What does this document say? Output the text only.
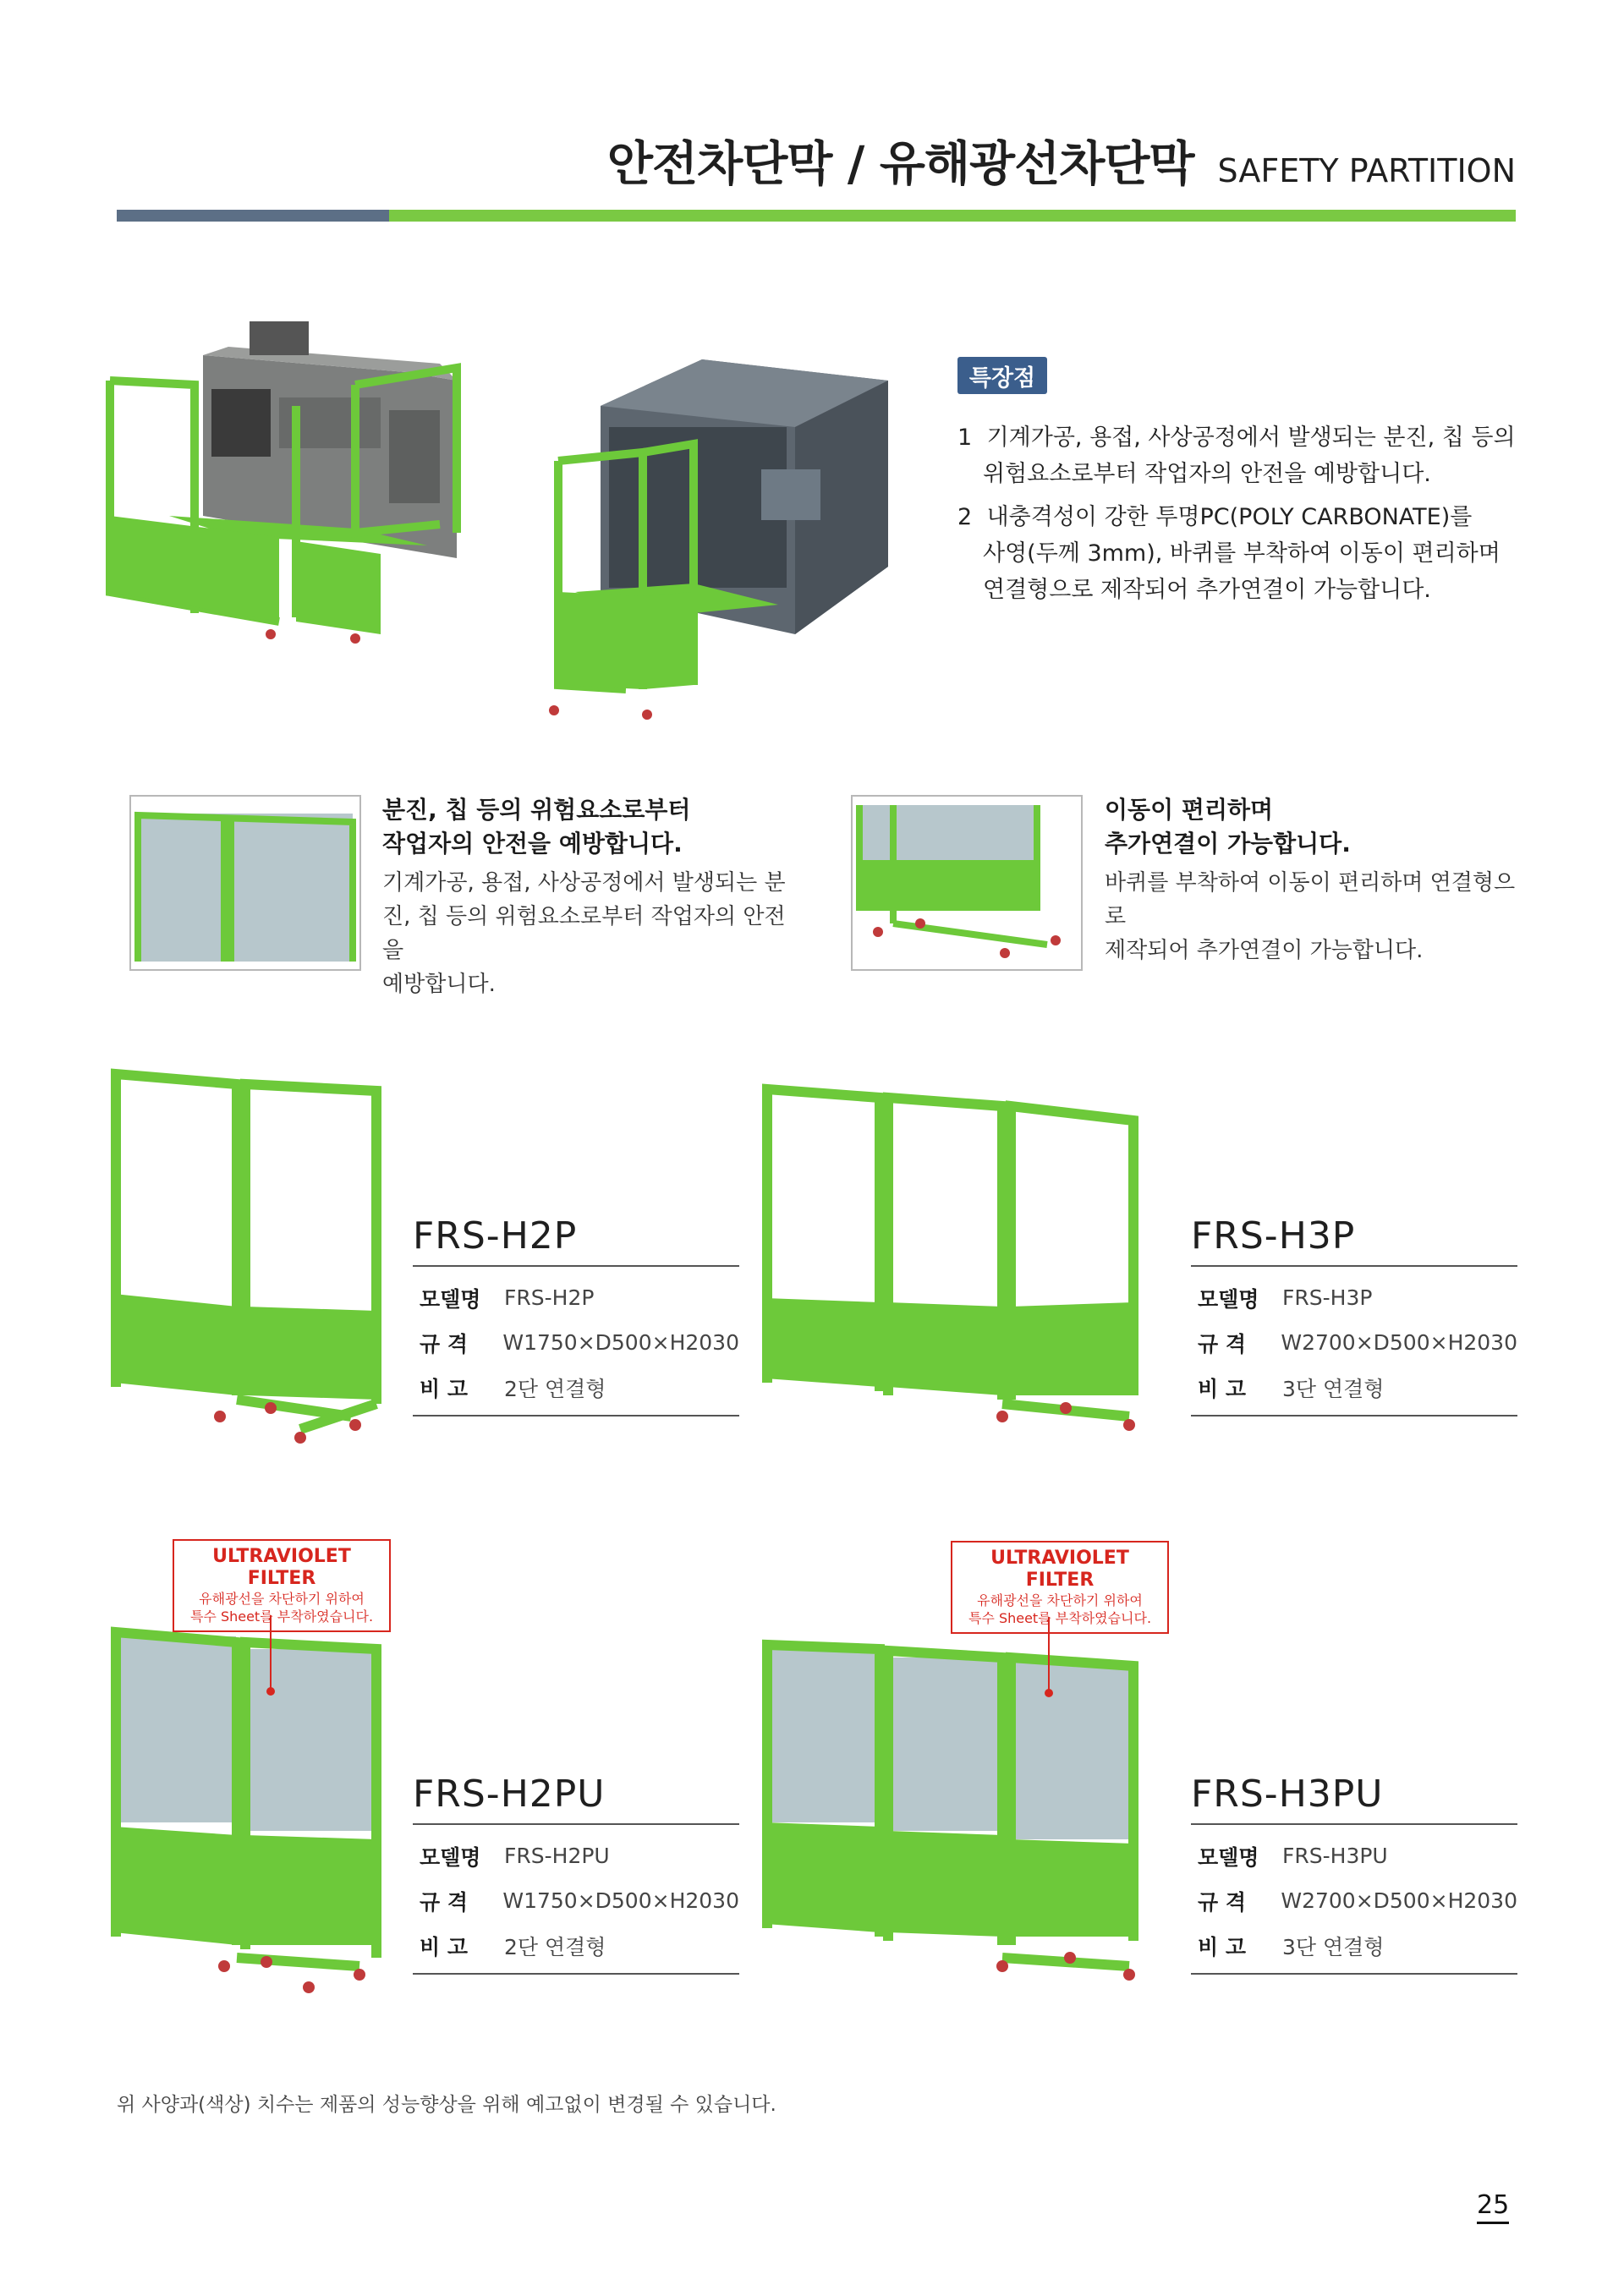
안전차단막 / 유해광선차단막 SAFETY PARTITION
특장점
1 기계가공, 용접, 사상공정에서 발생되는 분진, 칩 등의
위험요소로부터 작업자의 안전을 예방합니다.
2 내충격성이 강한 투명PC(POLY CARBONATE)를
사영(두께 3mm), 바퀴를 부착하여 이동이 편리하며
연결형으로 제작되어 추가연결이 가능합니다.
분진, 칩 등의 위험요소로부터
작업자의 안전을 예방합니다.
기계가공, 용접, 사상공정에서 발생되는 분
진, 칩 등의 위험요소로부터 작업자의 안전을
예방합니다.
이동이 편리하며
추가연결이 가능합니다.
바퀴를 부착하여 이동이 편리하며 연결형으로
제작되어 추가연결이 가능합니다.
ULTRAVIOLET FILTER
유해광선을 차단하기 위하여
특수 Sheet를 부착하였습니다.
ULTRAVIOLET FILTER
유해광선을 차단하기 위하여
특수 Sheet를 부착하였습니다.
FRS-H2P
모델명	FRS-H2P
규 격	W1750×D500×H2030
비 고	2단 연결형
FRS-H3P
모델명	FRS-H3P
규 격	W2700×D500×H2030
비 고	3단 연결형
FRS-H2PU
모델명	FRS-H2PU
규 격	W1750×D500×H2030
비 고	2단 연결형
FRS-H3PU
모델명	FRS-H3PU
규 격	W2700×D500×H2030
비 고	3단 연결형
위 사양과(색상) 치수는 제품의 성능향상을 위해 예고없이 변경될 수 있습니다.
25
